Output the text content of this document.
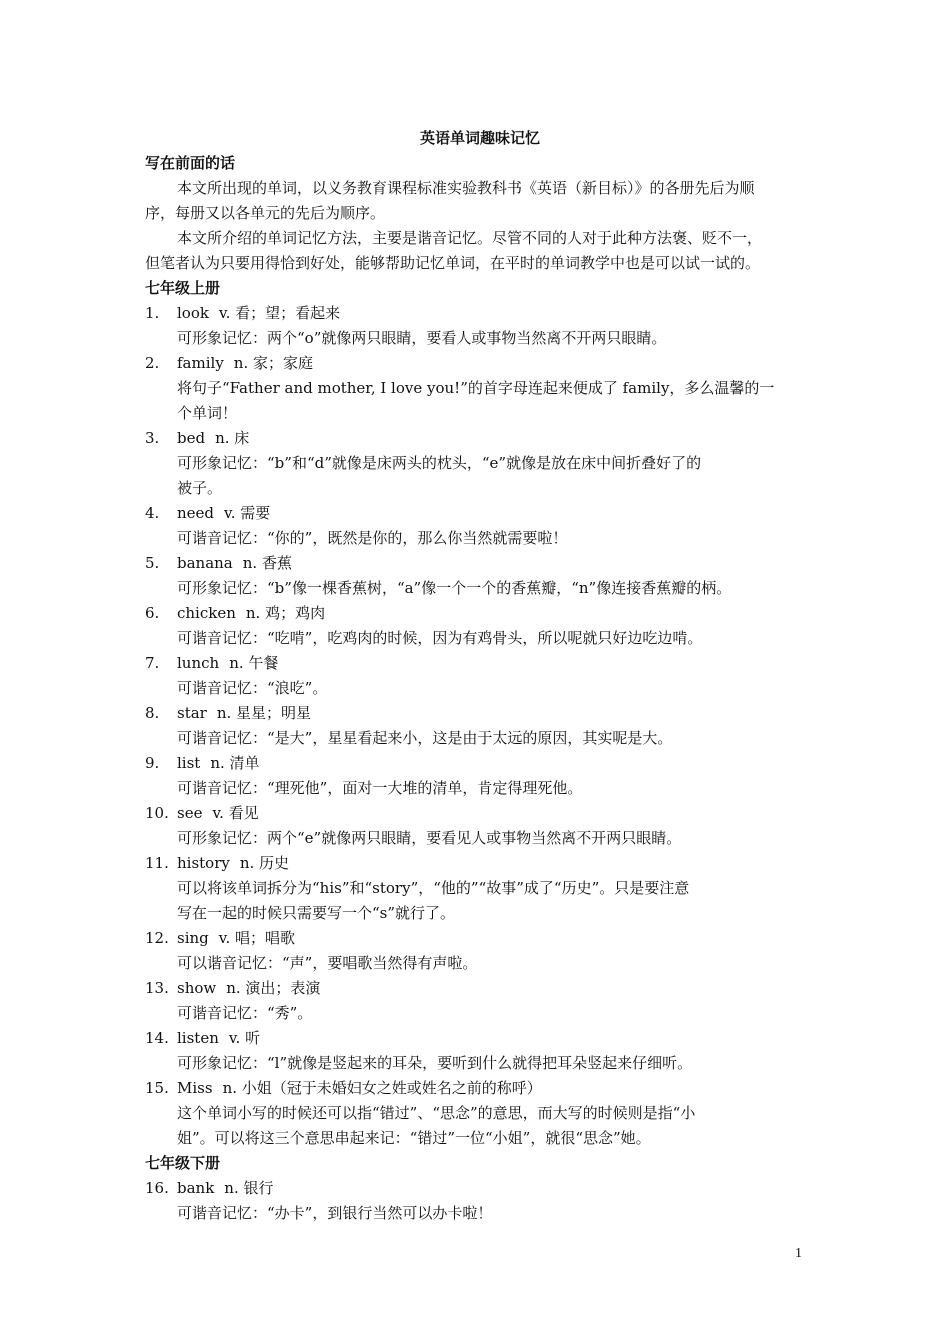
英语单词趣味记忆
写在前面的话
本文所出现的单词，以义务教育课程标准实验教科书《英语（新目标）》的各册先后为顺
序，每册又以各单元的先后为顺序。
本文所介绍的单词记忆方法，主要是谐音记忆。尽管不同的人对于此种方法褒、贬不一，
但笔者认为只要用得恰到好处，能够帮助记忆单词，在平时的单词教学中也是可以试一试的。
七年级上册
1. look v. 看；望；看起来
可形象记忆：两个“o”就像两只眼睛，要看人或事物当然离不开两只眼睛。
2. family n. 家；家庭
将句子“Father and mother, I love you!”的首字母连起来便成了 family，多么温馨的一
个单词！
3. bed n. 床
可形象记忆：“b”和“d”就像是床两头的枕头，“e”就像是放在床中间折叠好了的
被子。
4. need v. 需要
可谐音记忆：“你的”，既然是你的，那么你当然就需要啦！
5. banana n. 香蕉
可形象记忆：“b”像一棵香蕉树，“a”像一个一个的香蕉瓣，“n”像连接香蕉瓣的柄。
6. chicken n. 鸡；鸡肉
可谐音记忆：“吃啃”，吃鸡肉的时候，因为有鸡骨头，所以呢就只好边吃边啃。
7. lunch n. 午餐
可谐音记忆：“浪吃”。
8. star n. 星星；明星
可谐音记忆：“是大”，星星看起来小，这是由于太远的原因，其实呢是大。
9. list n. 清单
可谐音记忆：“理死他”，面对一大堆的清单，肯定得理死他。
10. see v. 看见
可形象记忆：两个“e”就像两只眼睛，要看见人或事物当然离不开两只眼睛。
11. history n. 历史
可以将该单词拆分为“his”和“story”，“他的”“故事”成了“历史”。只是要注意
写在一起的时候只需要写一个“s”就行了。
12. sing v. 唱；唱歌
可以谐音记忆：“声”，要唱歌当然得有声啦。
13. show n. 演出；表演
可谐音记忆：“秀”。
14. listen v. 听
可形象记忆：“l”就像是竖起来的耳朵，要听到什么就得把耳朵竖起来仔细听。
15. Miss n. 小姐（冠于未婚妇女之姓或姓名之前的称呼）
这个单词小写的时候还可以指“错过”、“思念”的意思，而大写的时候则是指“小
姐”。可以将这三个意思串起来记：“错过”一位“小姐”，就很“思念”她。
七年级下册
16. bank n. 银行
可谐音记忆：“办卡”，到银行当然可以办卡啦！
1
